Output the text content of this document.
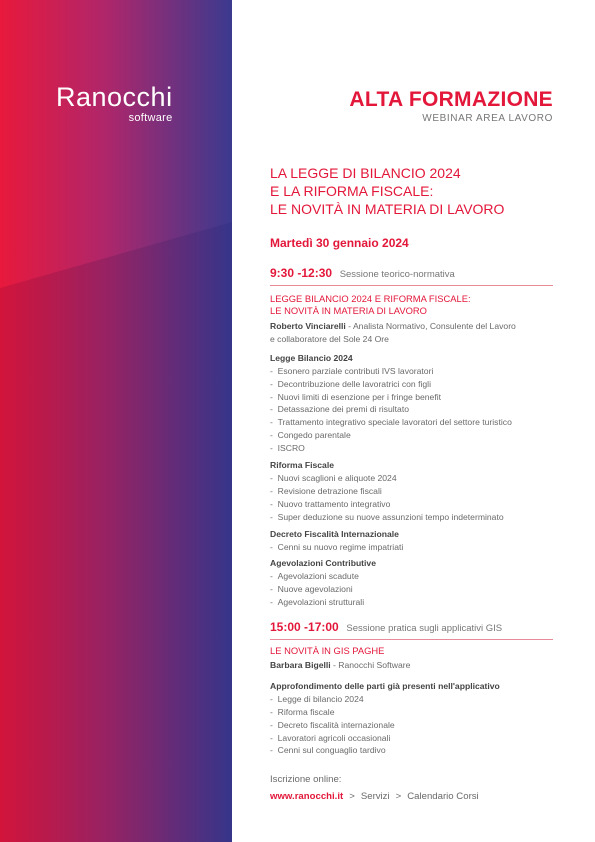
Ranocchi
software
ALTA FORMAZIONE
WEBINAR AREA LAVORO
LA LEGGE DI BILANCIO 2024
E LA RIFORMA FISCALE:
LE NOVITÀ IN MATERIA DI LAVORO
Martedì 30 gennaio 2024
9:30 -12:30 Sessione teorico-normativa
LEGGE BILANCIO 2024 E RIFORMA FISCALE:
LE NOVITÀ IN MATERIA DI LAVORO
Roberto Vinciarelli - Analista Normativo, Consulente del Lavoro
e collaboratore del Sole 24 Ore
Legge Bilancio 2024
-  Esonero parziale contributi IVS lavoratori
-  Decontribuzione delle lavoratrici con figli
-  Nuovi limiti di esenzione per i fringe benefit
-  Detassazione dei premi di risultato
-  Trattamento integrativo speciale lavoratori del settore turistico
-  Congedo parentale
-  ISCRO
Riforma Fiscale
-  Nuovi scaglioni e aliquote 2024
-  Revisione detrazione fiscali
-  Nuovo trattamento integrativo
-  Super deduzione su nuove assunzioni tempo indeterminato
Decreto Fiscalità Internazionale
-  Cenni su nuovo regime impatriati
Agevolazioni Contributive
-  Agevolazioni scadute
-  Nuove agevolazioni
-  Agevolazioni strutturali
15:00 -17:00 Sessione pratica sugli applicativi GIS
LE NOVITÀ IN GIS PAGHE
Barbara Bigelli - Ranocchi Software
Approfondimento delle parti già presenti nell'applicativo
-  Legge di bilancio 2024
-  Riforma fiscale
-  Decreto fiscalità internazionale
-  Lavoratori agricoli occasionali
-  Cenni sul conguaglio tardivo
Iscrizione online:
www.ranocchi.it > Servizi > Calendario Corsi
